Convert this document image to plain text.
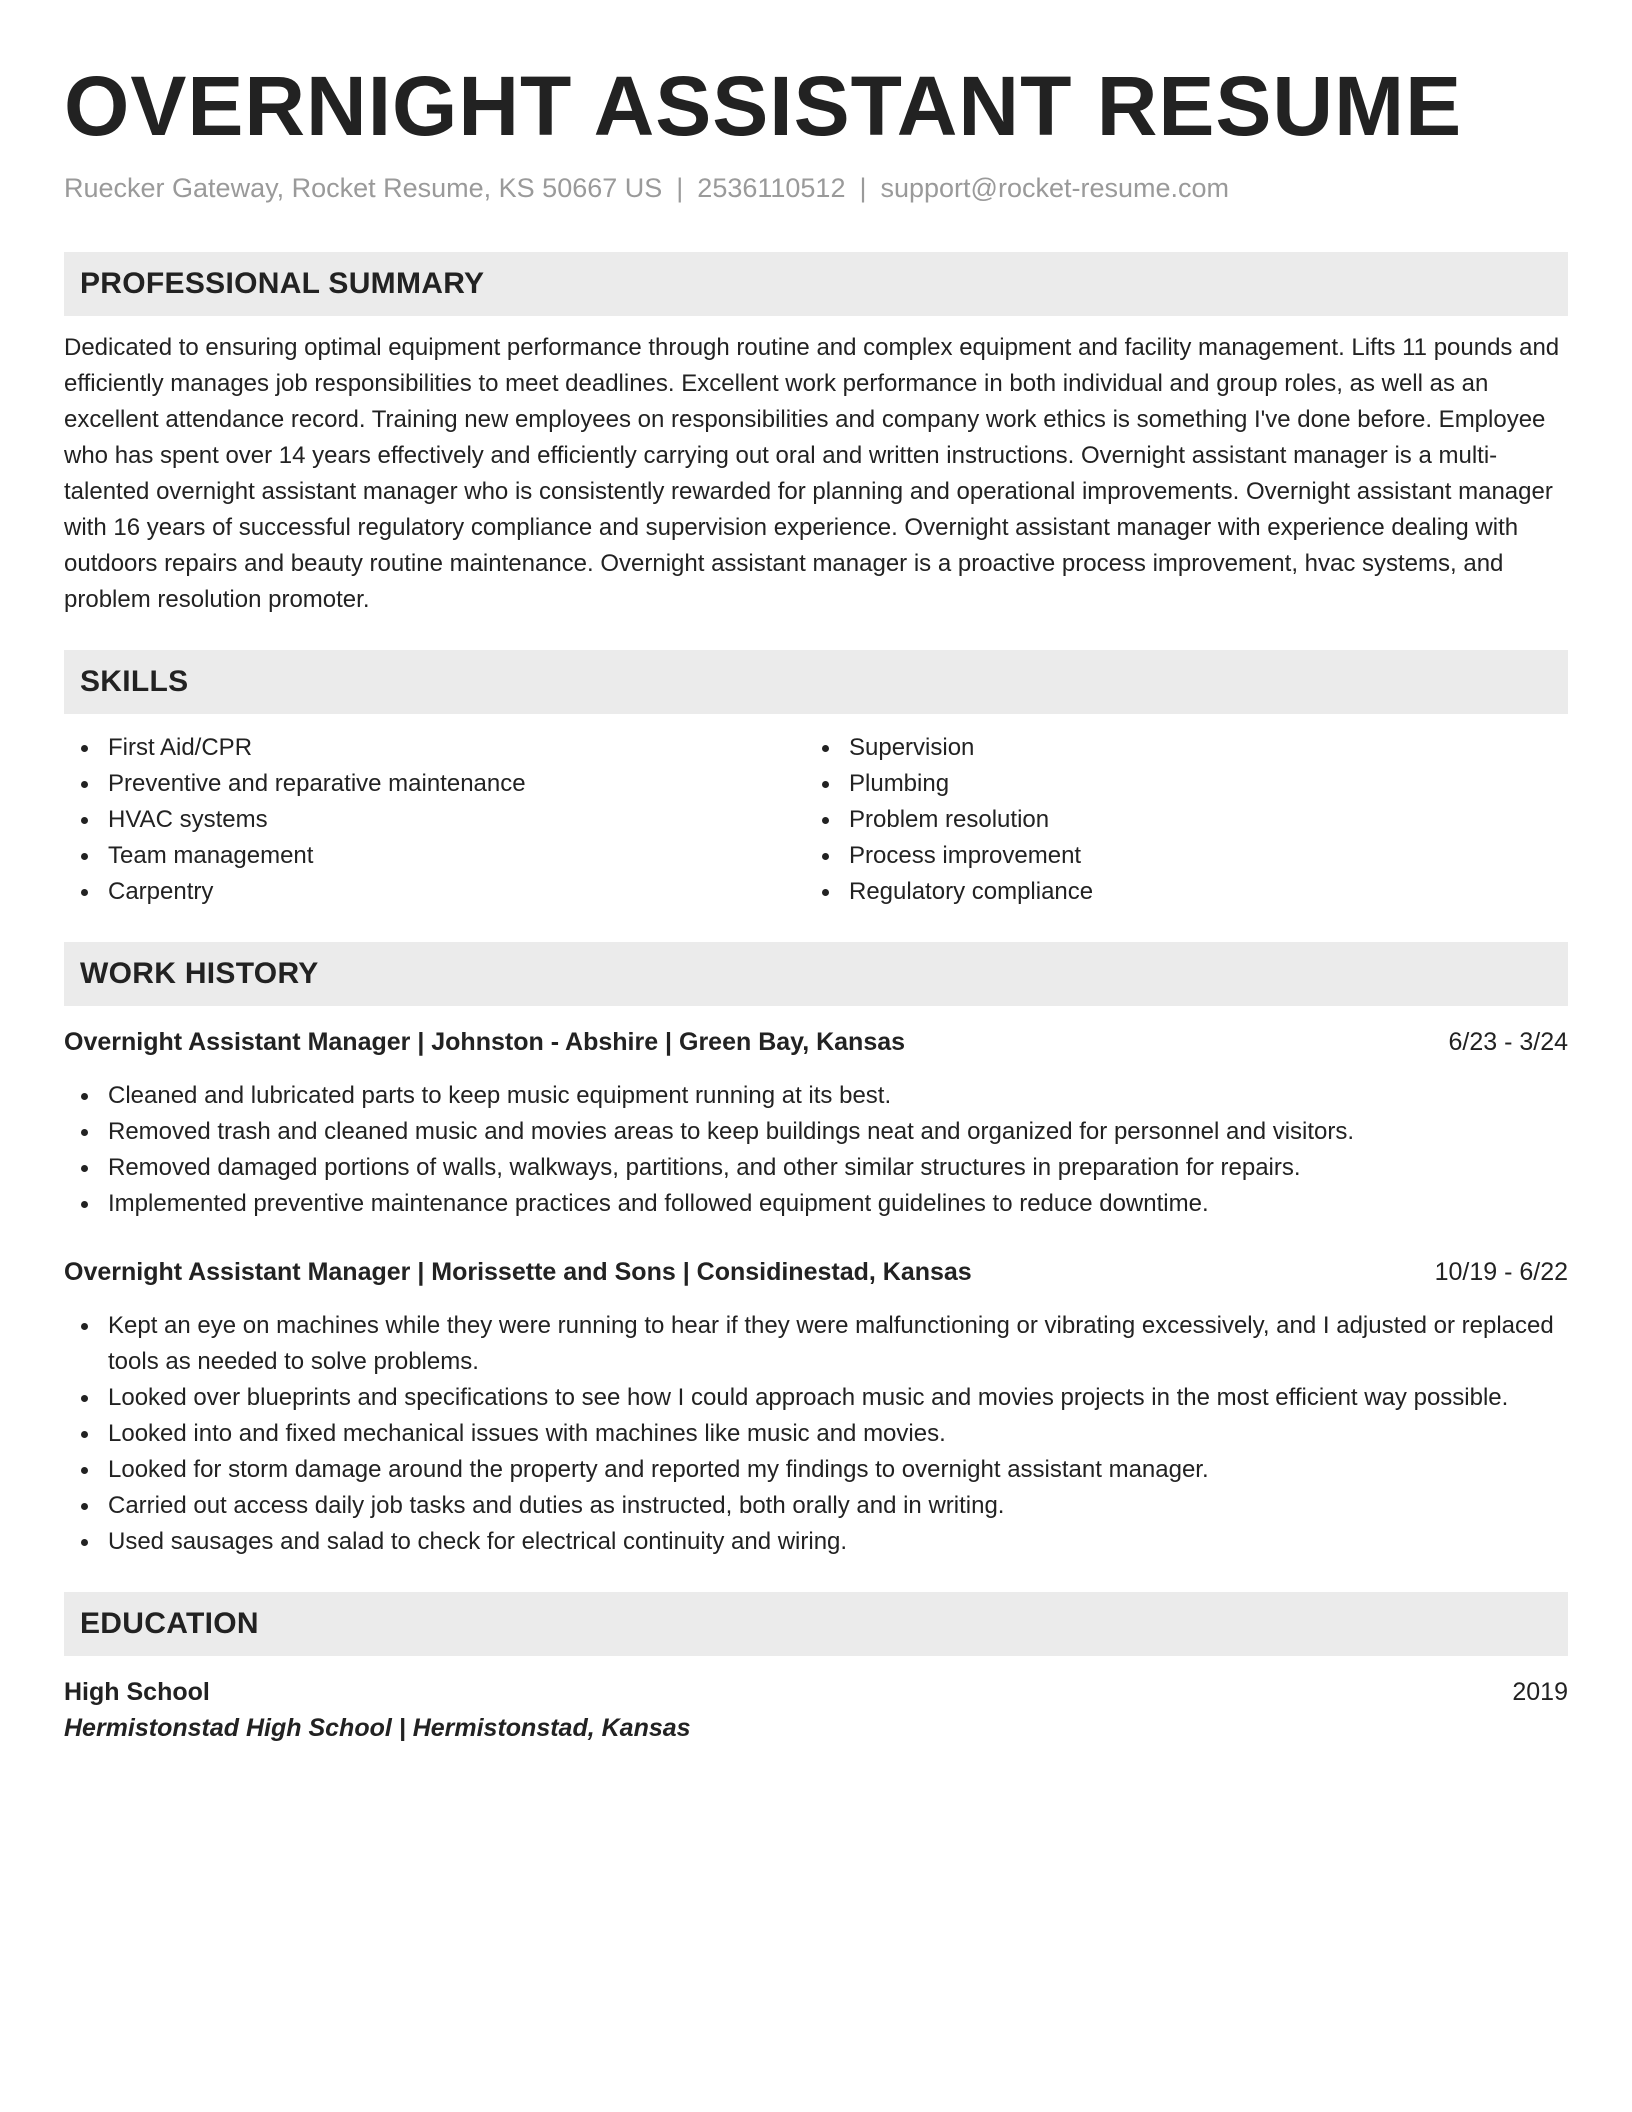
OVERNIGHT ASSISTANT RESUME
Ruecker Gateway, Rocket Resume, KS 50667 US | 2536110512 | support@rocket-resume.com
PROFESSIONAL SUMMARY

Dedicated to ensuring optimal equipment performance through routine and complex equipment and facility management. Lifts 11 pounds and efficiently manages job responsibilities to meet deadlines. Excellent work performance in both individual and group roles, as well as an excellent attendance record. Training new employees on responsibilities and company work ethics is something I've done before. Employee who has spent over 14 years effectively and efficiently carrying out oral and written instructions. Overnight assistant manager is a multi-talented overnight assistant manager who is consistently rewarded for planning and operational improvements. Overnight assistant manager with 16 years of successful regulatory compliance and supervision experience. Overnight assistant manager with experience dealing with outdoors repairs and beauty routine maintenance. Overnight assistant manager is a proactive process improvement, hvac systems, and problem resolution promoter.

SKILLS
First Aid/CPR
Preventive and reparative maintenance
HVAC systems
Team management
Carpentry
Supervision
Plumbing
Problem resolution
Process improvement
Regulatory compliance
WORK HISTORY
Overnight Assistant Manager | Johnston - Abshire | Green Bay, Kansas	6/23 - 3/24
Cleaned and lubricated parts to keep music equipment running at its best.
Removed trash and cleaned music and movies areas to keep buildings neat and organized for personnel and visitors.
Removed damaged portions of walls, walkways, partitions, and other similar structures in preparation for repairs.
Implemented preventive maintenance practices and followed equipment guidelines to reduce downtime.
Overnight Assistant Manager | Morissette and Sons | Considinestad, Kansas	10/19 - 6/22
Kept an eye on machines while they were running to hear if they were malfunctioning or vibrating excessively, and I adjusted or replaced tools as needed to solve problems.
Looked over blueprints and specifications to see how I could approach music and movies projects in the most efficient way possible.
Looked into and fixed mechanical issues with machines like music and movies.
Looked for storm damage around the property and reported my findings to overnight assistant manager.
Carried out access daily job tasks and duties as instructed, both orally and in writing.
Used sausages and salad to check for electrical continuity and wiring.
EDUCATION
High School	2019
Hermistonstad High School | Hermistonstad, Kansas
